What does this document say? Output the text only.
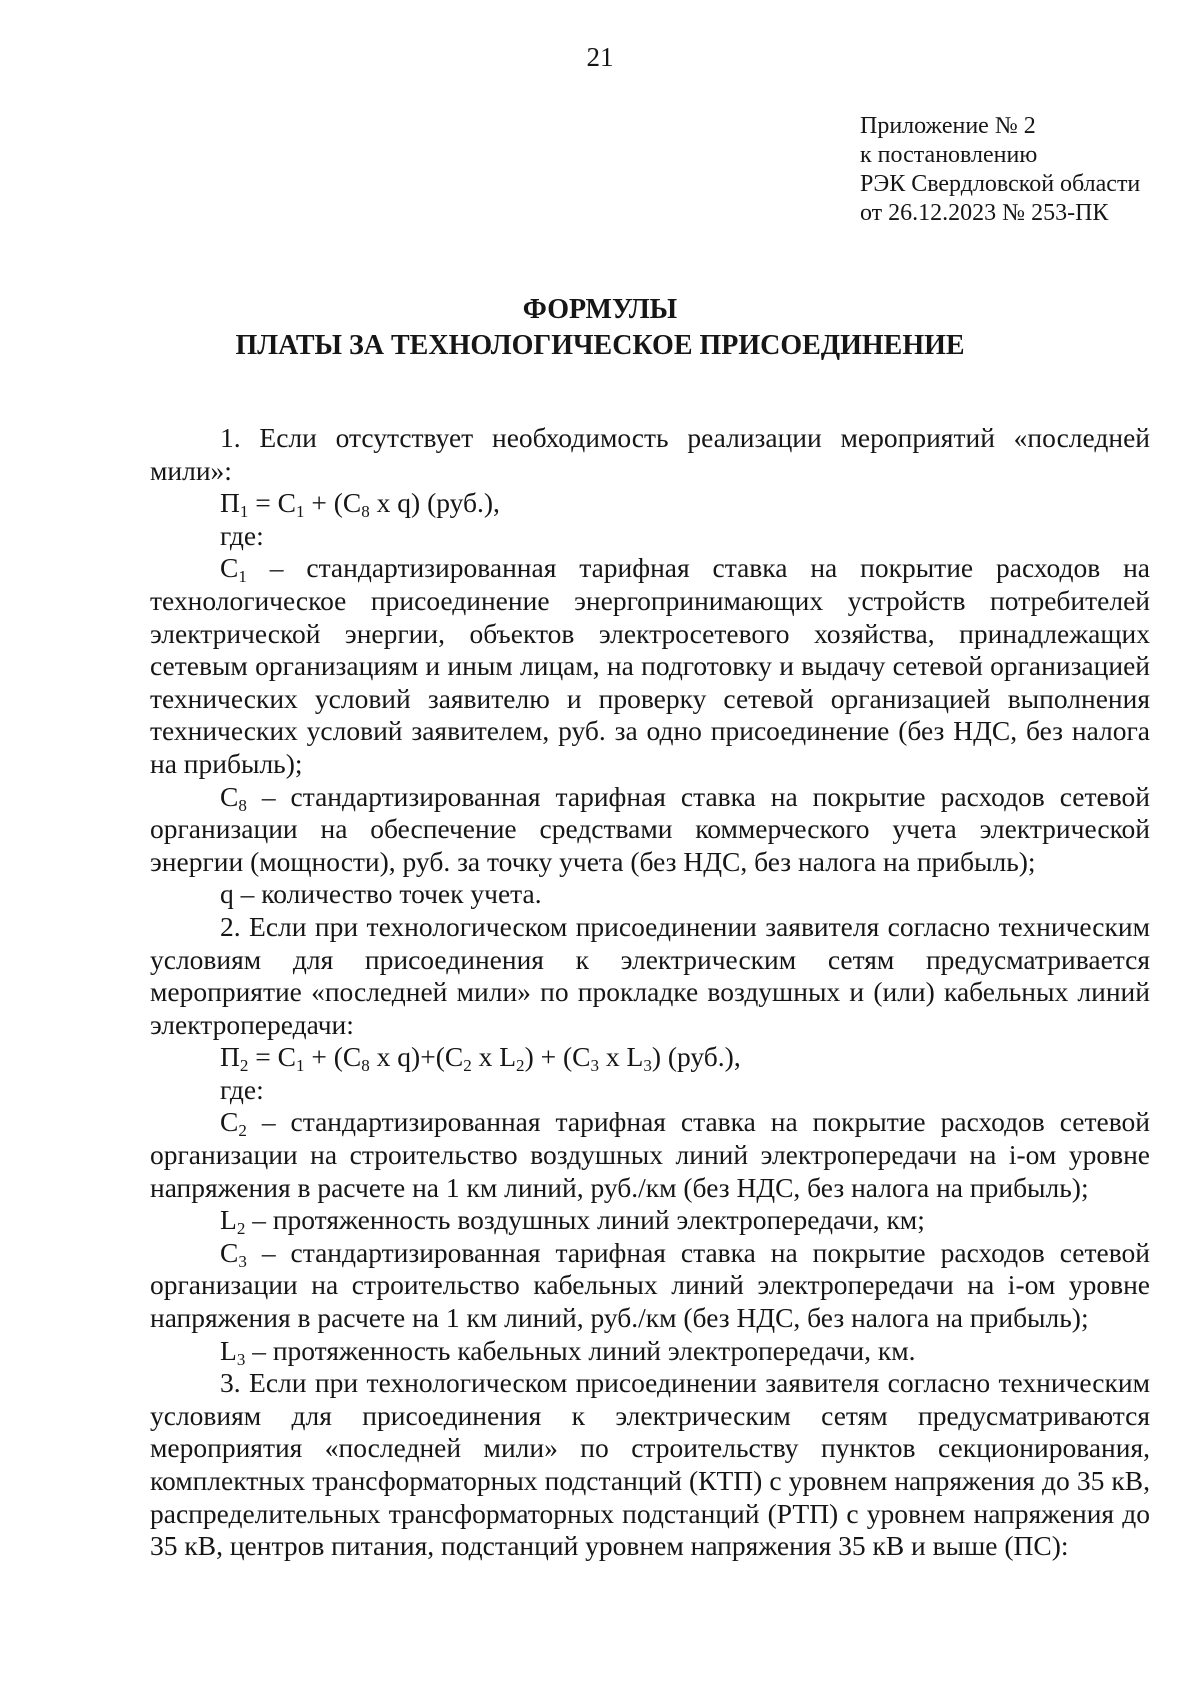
21
Приложение № 2
к постановлению
РЭК Свердловской области
от 26.12.2023 № 253-ПК
ФОРМУЛЫ
ПЛАТЫ ЗА ТЕХНОЛОГИЧЕСКОЕ ПРИСОЕДИНЕНИЕ

1. Если отсутствует необходимость реализации мероприятий «последней мили»:

$П_1 = С_1 + (С_8$ x q) (руб.),

где:

$С_1$ – стандартизированная тарифная ставка на покрытие расходов на технологическое присоединение энергопринимающих устройств потребителей электрической энергии, объектов электросетевого хозяйства, принадлежащих сетевым организациям и иным лицам, на подготовку и выдачу сетевой организацией технических условий заявителю и проверку сетевой организацией выполнения технических условий заявителем, руб. за одно присоединение (без НДС, без налога на прибыль);

$С_8$ – стандартизированная тарифная ставка на покрытие расходов сетевой организации на обеспечение средствами коммерческого учета электрической энергии (мощности), руб. за точку учета (без НДС, без налога на прибыль);

q – количество точек учета.

2. Если при технологическом присоединении заявителя согласно техническим условиям для присоединения к электрическим сетям предусматривается мероприятие «последней мили» по прокладке воздушных и (или) кабельных линий электропередачи:

$П_2 = С_1 + (С_8$ x $q)+(С_2$ x $L_2) + (С_3$ x $L_3$) (руб.),

где:

$С_2$ – стандартизированная тарифная ставка на покрытие расходов сетевой организации на строительство воздушных линий электропередачи на i-ом уровне напряжения в расчете на 1 км линий, руб./км (без НДС, без налога на прибыль);

$L_2$ – протяженность воздушных линий электропередачи, км;

$С_3$ – стандартизированная тарифная ставка на покрытие расходов сетевой организации на строительство кабельных линий электропередачи на i-ом уровне напряжения в расчете на 1 км линий, руб./км (без НДС, без налога на прибыль);

$L_3$ – протяженность кабельных линий электропередачи, км.

3. Если при технологическом присоединении заявителя согласно техническим условиям для присоединения к электрическим сетям предусматриваются мероприятия «последней мили» по строительству пунктов секционирования, комплектных трансформаторных подстанций (КТП) с уровнем напряжения до 35 кВ, распределительных трансформаторных подстанций (РТП) с уровнем напряжения до 35 кВ, центров питания, подстанций уровнем напряжения 35 кВ и выше (ПС):
